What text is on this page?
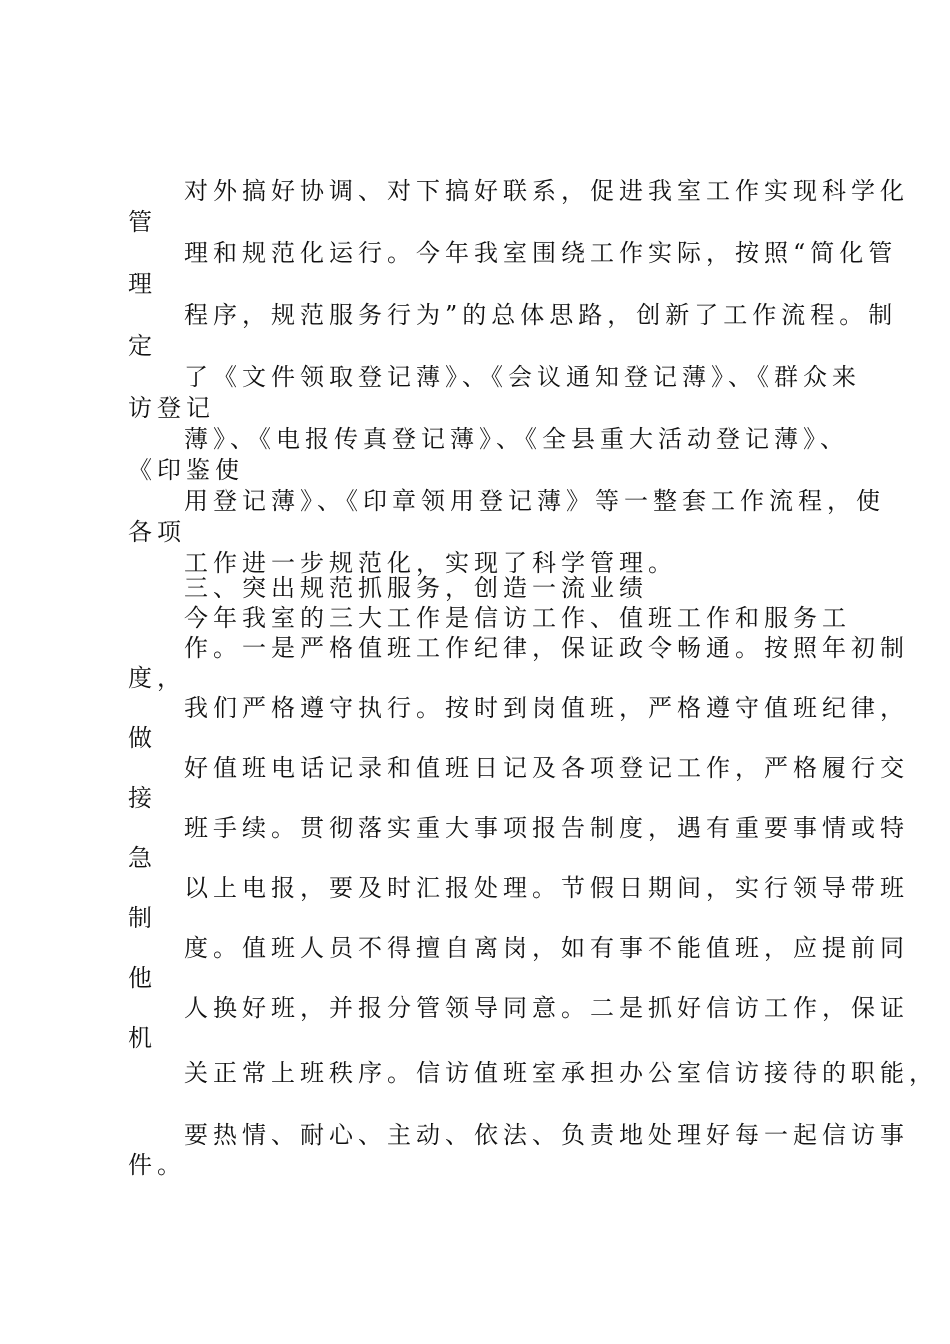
对外搞好协调、对下搞好联系，促进我室工作实现科学化
管
理和规范化运行。今年我室围绕工作实际，按照“简化管
理
程序，规范服务行为”的总体思路，创新了工作流程。制
定
了《文件领取登记薄》、《会议通知登记薄》、《群众来
访登记
薄》、《电报传真登记薄》、《全县重大活动登记薄》、
《印鉴使
用登记薄》、《印章领用登记薄》等一整套工作流程，使
各项
工作进一步规范化，实现了科学管理。
三、突出规范抓服务，创造一流业绩
今年我室的三大工作是信访工作、值班工作和服务工
作。一是严格值班工作纪律，保证政令畅通。按照年初制
度，
我们严格遵守执行。按时到岗值班，严格遵守值班纪律，
做
好值班电话记录和值班日记及各项登记工作，严格履行交
接
班手续。贯彻落实重大事项报告制度，遇有重要事情或特
急
以上电报，要及时汇报处理。节假日期间，实行领导带班
制
度。值班人员不得擅自离岗，如有事不能值班，应提前同
他
人换好班，并报分管领导同意。二是抓好信访工作，保证
机
关正常上班秩序。信访值班室承担办公室信访接待的职能，
要热情、耐心、主动、依法、负责地处理好每一起信访事
件。
